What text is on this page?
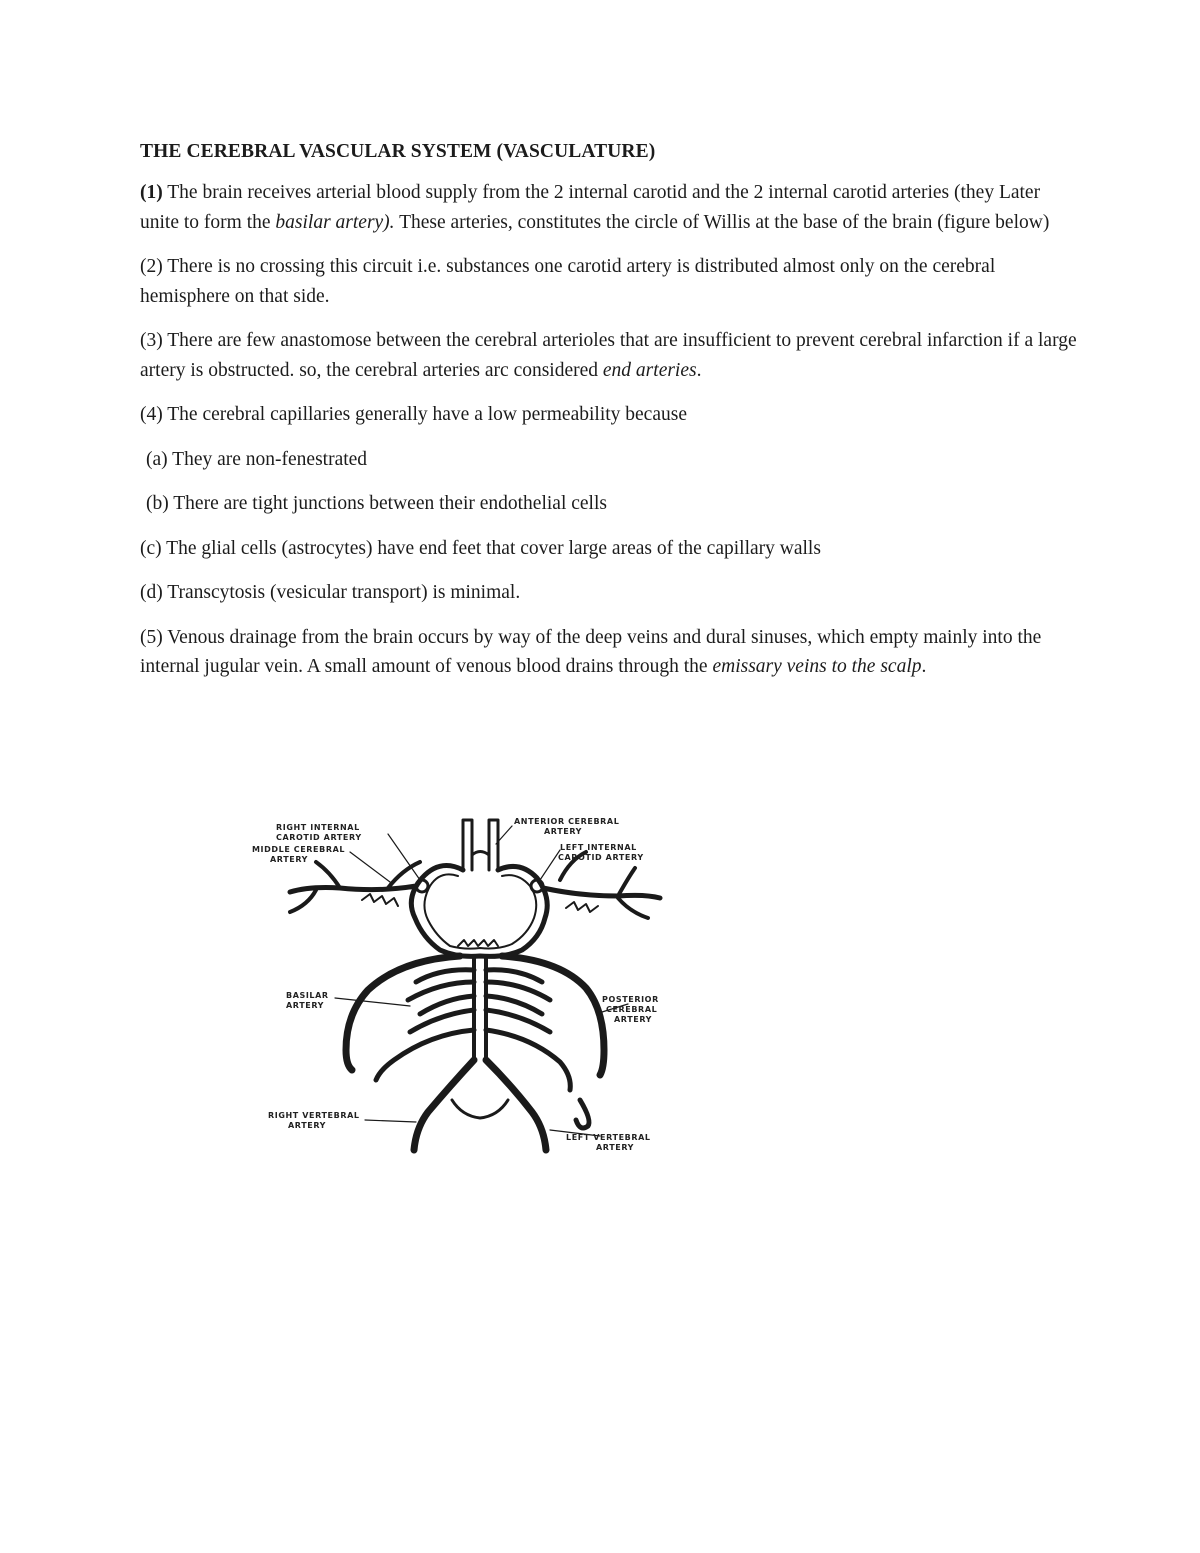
THE CEREBRAL VASCULAR SYSTEM (VASCULATURE)

(1) The brain receives arterial blood supply from the 2 internal carotid and the 2 internal carotid arteries (they Later unite to form the basilar artery). These arteries, constitutes the circle of Willis at the base of the brain (figure below)

(2) There is no crossing this circuit i.e. substances one carotid artery is distributed almost only on the cerebral hemisphere on that side.

(3) There are few anastomose between the cerebral arterioles that are insufficient to prevent cerebral infarction if a large artery is obstructed. so, the cerebral arteries arc considered end arteries.

(4) The cerebral capillaries generally have a low permeability because

(a) They are non-fenestrated

(b) There are tight junctions between their endothelial cells

(c) The glial cells (astrocytes) have end feet that cover large areas of the capillary walls

(d) Transcytosis (vesicular transport) is minimal.

(5) Venous drainage from the brain occurs by way of the deep veins and dural sinuses, which empty mainly into the internal jugular vein. A small amount of venous blood drains through the emissary veins to the scalp.

RIGHT INTERNAL
CAROTID ARTERY
MIDDLE CEREBRAL
ARTERY
ANTERIOR CEREBRAL
ARTERY
LEFT INTERNAL
CAROTID ARTERY
BASILAR
ARTERY
POSTERIOR
CEREBRAL
ARTERY
RIGHT VERTEBRAL
ARTERY
LEFT VERTEBRAL
ARTERY
